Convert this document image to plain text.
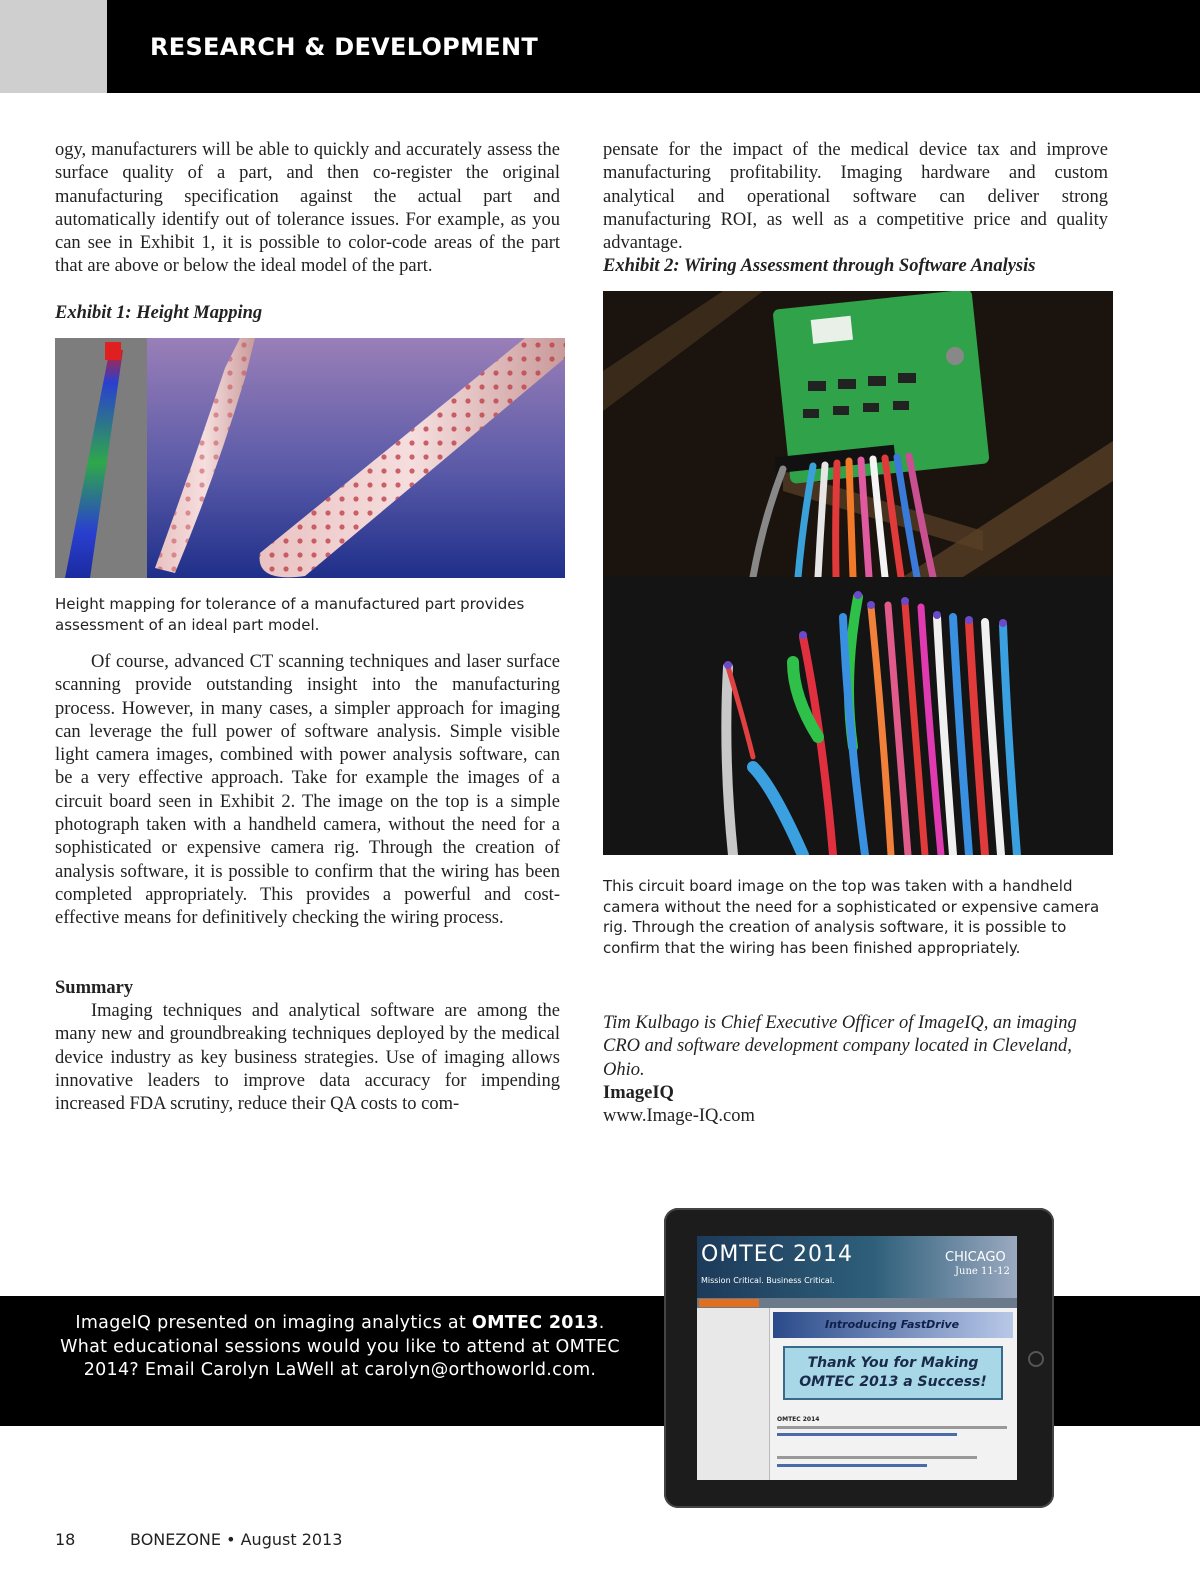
RESEARCH & DEVELOPMENT

ogy, manufacturers will be able to quickly and accurately assess the surface quality of a part, and then co-register the original manufacturing specification against the actual part and automatically identify out of tolerance issues. For example, as you can see in Exhibit 1, it is possible to color-code areas of the part that are above or below the ideal model of the part.

Exhibit 1: Height Mapping

Height mapping for tolerance of a manufactured part provides assessment of an ideal part model.

Of course, advanced CT scanning techniques and laser surface scanning provide outstanding insight into the manufacturing process. However, in many cases, a simpler approach for imaging can leverage the full power of software analysis. Simple visible light camera images, combined with power analysis software, can be a very effective approach. Take for example the images of a circuit board seen in Exhibit 2. The image on the top is a simple photograph taken with a handheld camera, without the need for a sophisticated or expensive camera rig. Through the creation of analysis software, it is possible to confirm that the wiring has been completed appropriately. This provides a powerful and cost-effective means for definitively checking the wiring process.

Summary

Imaging techniques and analytical software are among the many new and groundbreaking techniques deployed by the medical device industry as key business strategies. Use of imaging allows innovative leaders to improve data accuracy for impending increased FDA scrutiny, reduce their QA costs to com-

pensate for the impact of the medical device tax and improve manufacturing profitability. Imaging hardware and custom analytical and operational software can deliver strong manufacturing ROI, as well as a competitive price and quality advantage.

Exhibit 2: Wiring Assessment through Software Analysis

This circuit board image on the top was taken with a handheld camera without the need for a sophisticated or expensive camera rig. Through the creation of analysis software, it is possible to confirm that the wiring has been finished appropriately.

Tim Kulbago is Chief Executive Officer of ImageIQ, an imaging CRO and software development company located in Cleveland, Ohio.

ImageIQ

www.Image-IQ.com

ImageIQ presented on imaging analytics at OMTEC 2013.
What educational sessions would you like to attend at OMTEC 2014? Email Carolyn LaWell at carolyn@orthoworld.com.
OMTEC 2014
Mission Critical. Business Critical.
CHICAGO
June 11-12
Introducing FastDrive
Thank You for Making
OMTEC 2013 a Success!
OMTEC 2014
18	BONEZONE • August 2013
